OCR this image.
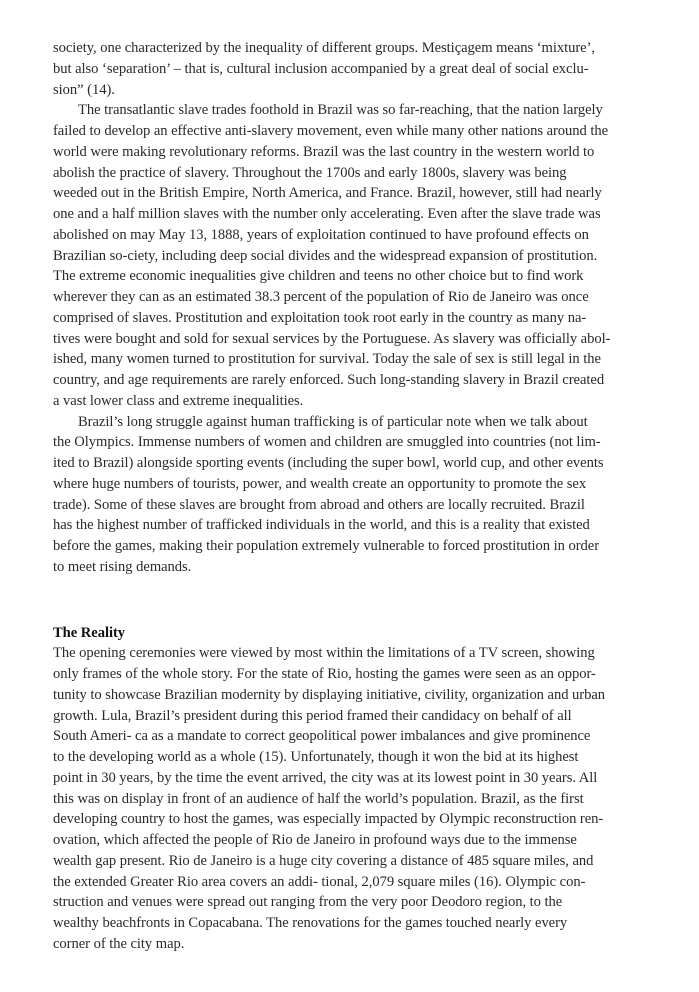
society, one characterized by the inequality of different groups. Mestiçagem means ‘mixture’,
but also ‘separation’ – that is, cultural inclusion accompanied by a great deal of social exclu-
sion” (14).
The transatlantic slave trades foothold in Brazil was so far-reaching, that the nation largely
failed to develop an effective anti-slavery movement, even while many other nations around the
world were making revolutionary reforms. Brazil was the last country in the western world to
abolish the practice of slavery. Throughout the 1700s and early 1800s, slavery was being
weeded out in the British Empire, North America, and France. Brazil, however, still had nearly
one and a half million slaves with the number only accelerating. Even after the slave trade was
abolished on may May 13, 1888, years of exploitation continued to have profound effects on
Brazilian so-ciety, including deep social divides and the widespread expansion of prostitution.
The extreme economic inequalities give children and teens no other choice but to find work
wherever they can as an estimated 38.3 percent of the population of Rio de Janeiro was once
comprised of slaves. Prostitution and exploitation took root early in the country as many na-
tives were bought and sold for sexual services by the Portuguese. As slavery was officially abol-
ished, many women turned to prostitution for survival. Today the sale of sex is still legal in the
country, and age requirements are rarely enforced. Such long-standing slavery in Brazil created
a vast lower class and extreme inequalities.
Brazil’s long struggle against human trafficking is of particular note when we talk about
the Olympics. Immense numbers of women and children are smuggled into countries (not lim-
ited to Brazil) alongside sporting events (including the super bowl, world cup, and other events
where huge numbers of tourists, power, and wealth create an opportunity to promote the sex
trade). Some of these slaves are brought from abroad and others are locally recruited. Brazil
has the highest number of trafficked individuals in the world, and this is a reality that existed
before the games, making their population extremely vulnerable to forced prostitution in order
to meet rising demands.
The Reality
The opening ceremonies were viewed by most within the limitations of a TV screen, showing
only frames of the whole story. For the state of Rio, hosting the games were seen as an oppor-
tunity to showcase Brazilian modernity by displaying initiative, civility, organization and urban
growth. Lula, Brazil’s president during this period framed their candidacy on behalf of all
South Ameri- ca as a mandate to correct geopolitical power imbalances and give prominence
to the developing world as a whole (15). Unfortunately, though it won the bid at its highest
point in 30 years, by the time the event arrived, the city was at its lowest point in 30 years. All
this was on display in front of an audience of half the world’s population. Brazil, as the first
developing country to host the games, was especially impacted by Olympic reconstruction ren-
ovation, which affected the people of Rio de Janeiro in profound ways due to the immense
wealth gap present. Rio de Janeiro is a huge city covering a distance of 485 square miles, and
the extended Greater Rio area covers an addi- tional, 2,079 square miles (16). Olympic con-
struction and venues were spread out ranging from the very poor Deodoro region, to the
wealthy beachfronts in Copacabana. The renovations for the games touched nearly every
corner of the city map.
